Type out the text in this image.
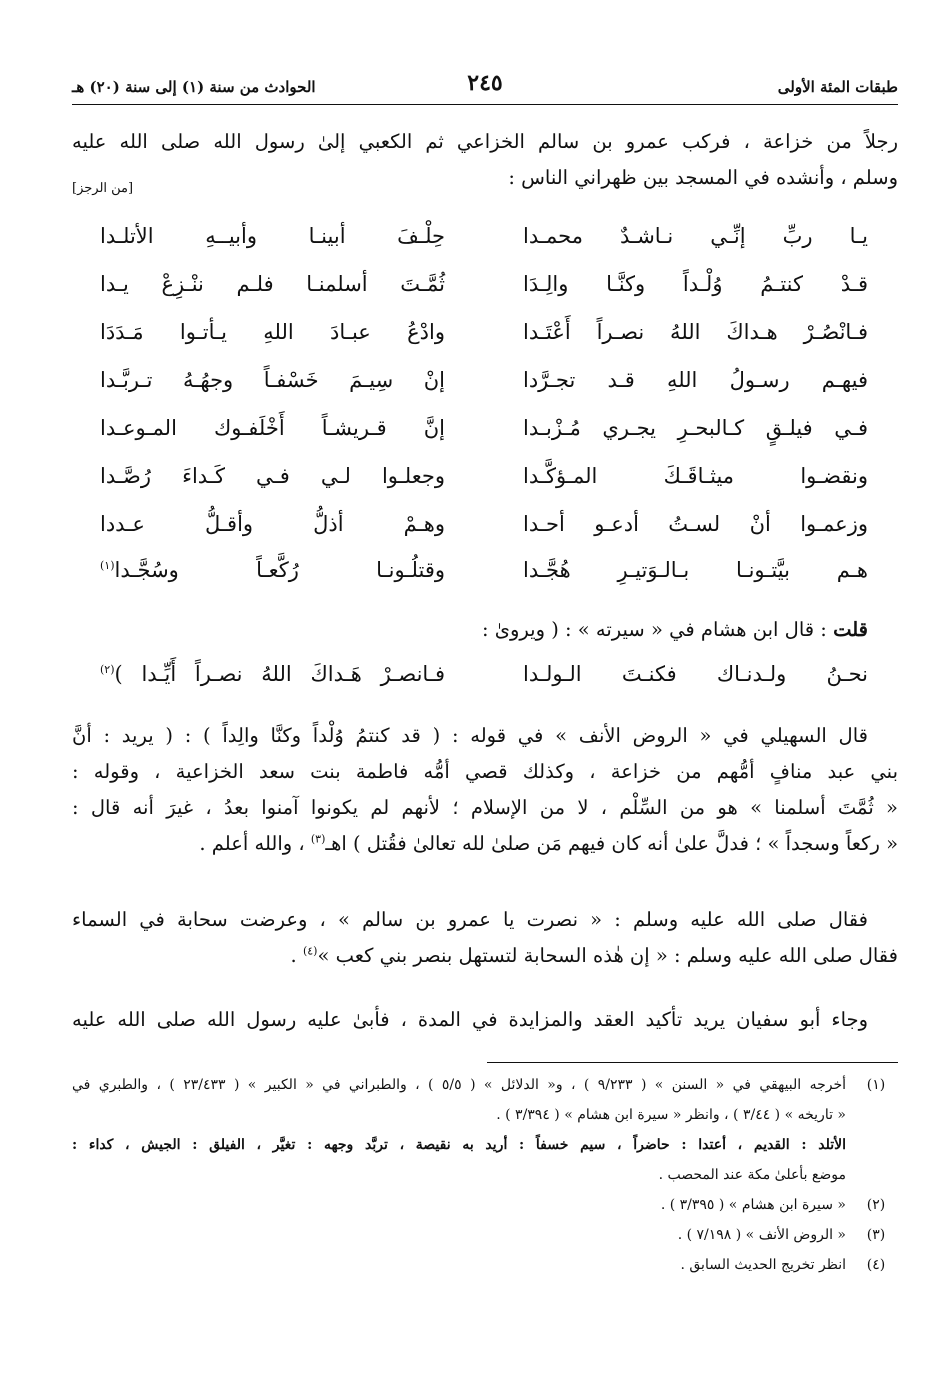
طبقات المئة الأولى
٢٤٥
الحوادث من سنة (١) إلى سنة (٢٠) هـ

رجلاً من خزاعة ، فركب عمرو بن سالم الخزاعي ثم الكعبي إلىٰ رسول الله صلى الله عليه

وسلم ، وأنشده في المسجد بين ظهراني الناس :

[من الرجز]
يـا ربِّ إنِّـي نـاشـدٌ محمـدا
حِلْـفَ أبينـا وأبيــهِ الأتلـدا
قـدْ كنتـمُ وُلْـداً وكنَّـا والِـدَا
ثُمَّـتَ أسلمنـا فلـم ننْـزِعْ يـدا
فـانْصُـرْ هـداكَ اللهُ نصـراً أَعْتَـدا
وادْعُ عبـادَ اللهِ يـأتـوا مَـدَدَا
فيهـم رسـولُ اللهِ قـد تجـرَّدا
إنْ سِيـمَ خَسْفـاً وجهُـهُ تـربَّـدا
فـي فيلـقٍ كـالبحـرِ يجـري مُـزْبـدا
إنَّ قـريشـاً أَخْلَفـوك المـوعـدا
ونقضـوا ميثـاقَـكَ المـؤكَّـدا
وجعلـوا لـي فـي كَـداءَ رُصَّـدا
وزعمـوا أنْ لسـتُ أدعـو أحـدا
وهـمْ أذلُّ وأقـلُّ عـددا
هـم بيَّتـونـا بـالـوَتيـرِ هُجَّـدا
وقتلُـونـا رُكَّعـاً وسُجَّـدا$^{(١)}$

قلت : قال ابن هشام في « سيرته » : ( ويروىٰ :

نحـنُ ولـدنـاك فكنـتَ الـولـدا
فـانصـرْ هَـداكَ اللهُ نصـراً أَيِّـدا )$^{(٢)}$

قال السهيلي في « الروض الأنف » في قوله : ( قد كنتمُ وُلْداً وكنَّا والِداً ) : ( يريد : أنَّ

بني عبد منافٍ أمُّهم من خزاعة ، وكذلك قصي أمُّه فاطمة بنت سعد الخزاعية ، وقوله :

« ثُمَّتَ أسلمنا » هو من السِّلْم ، لا من الإسلام ؛ لأنهم لم يكونوا آمنوا بعدُ ، غيرَ أنه قال :

« ركعاً وسجداً » ؛ فدلَّ علىٰ أنه كان فيهم مَن صلىٰ لله تعالىٰ فقُتل ) اهـ$^{(٣)}$ ، والله أعلم .

فقال صلى الله عليه وسلم : « نصرت يا عمرو بن سالم » ، وعرضت سحابة في السماء

فقال صلى الله عليه وسلم : « إن هٰذه السحابة لتستهل بنصر بني كعب »$^{(٤)}$ .

وجاء أبو سفيان يريد تأكيد العقد والمزايدة في المدة ، فأبىٰ عليه رسول الله صلى الله عليه

(١)

أخرجه البيهقي في « السنن » ( ٩/٢٣٣ ) ، و« الدلائل » ( ٥/٥ ) ، والطبراني في « الكبير » ( ٢٣/٤٣٣ ) ، والطبري في

« تاريخه » ( ٣/٤٤ ) ، وانظر « سيرة ابن هشام » ( ٣/٣٩٤ ) .

الأتلد : القديم ، أعتدا : حاضراً ، سيم خسفاً : أريد به نقيصة ، تربَّد وجهه : تغيَّر ، الفيلق : الجيش ، كداء :

موضع بأعلىٰ مكة عند المحصب .

(٢)

« سيرة ابن هشام » ( ٣/٣٩٥ ) .

(٣)

« الروض الأنف » ( ٧/١٩٨ ) .

(٤)

انظر تخريج الحديث السابق .
